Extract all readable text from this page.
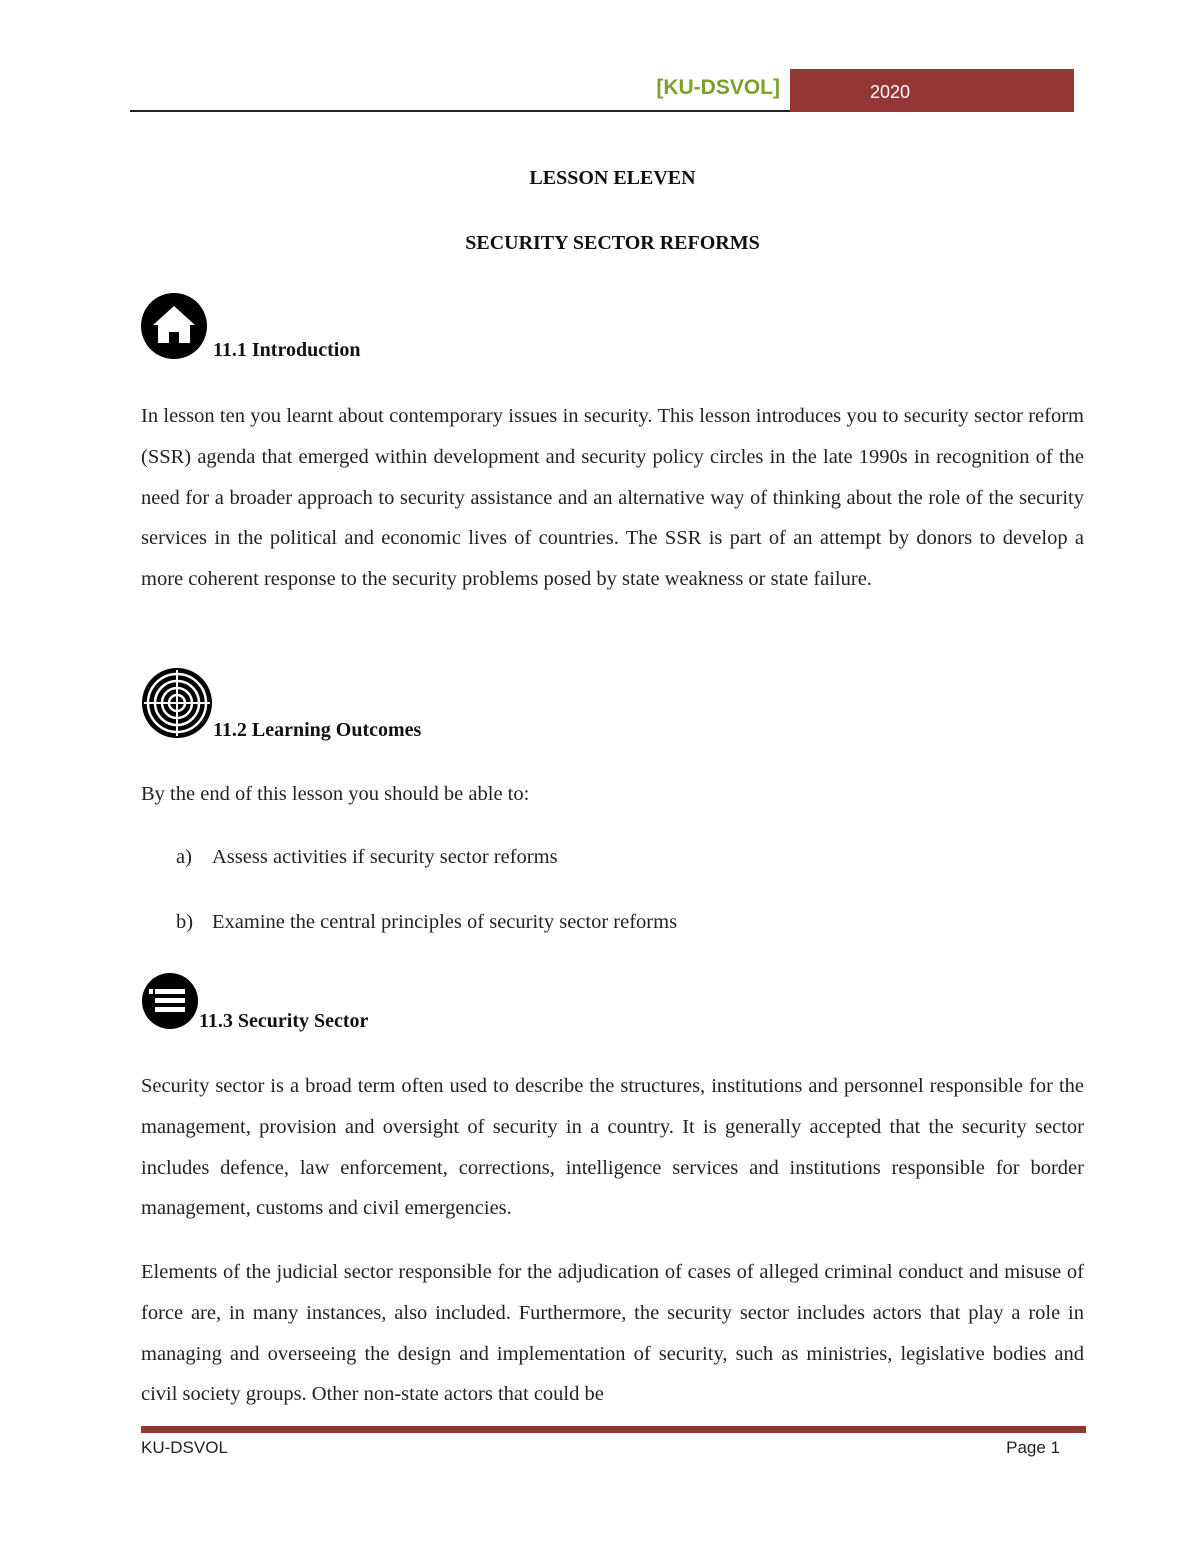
[KU-DSVOL]	2020
LESSON ELEVEN
SECURITY SECTOR REFORMS
11.1 Introduction

In lesson ten you learnt about contemporary issues in security. This lesson introduces you to security sector reform (SSR) agenda that emerged within development and security policy circles in the late 1990s in recognition of the need for a broader approach to security assistance and an alternative way of thinking about the role of the security services in the political and economic lives of countries. The SSR is part of an attempt by donors to develop a more coherent response to the security problems posed by state weakness or state failure.

11.2 Learning Outcomes
By the end of this lesson you should be able to:
a) Assess activities if security sector reforms
b) Examine the central principles of security sector reforms
11.3 Security Sector

Security sector is a broad term often used to describe the structures, institutions and personnel responsible for the management, provision and oversight of security in a country. It is generally accepted that the security sector includes defence, law enforcement, corrections, intelligence services and institutions responsible for border management, customs and civil emergencies.

Elements of the judicial sector responsible for the adjudication of cases of alleged criminal conduct and misuse of force are, in many instances, also included. Furthermore, the security sector includes actors that play a role in managing and overseeing the design and implementation of security, such as ministries, legislative bodies and civil society groups. Other non-state actors that could be

KU-DSVOL	Page 1
